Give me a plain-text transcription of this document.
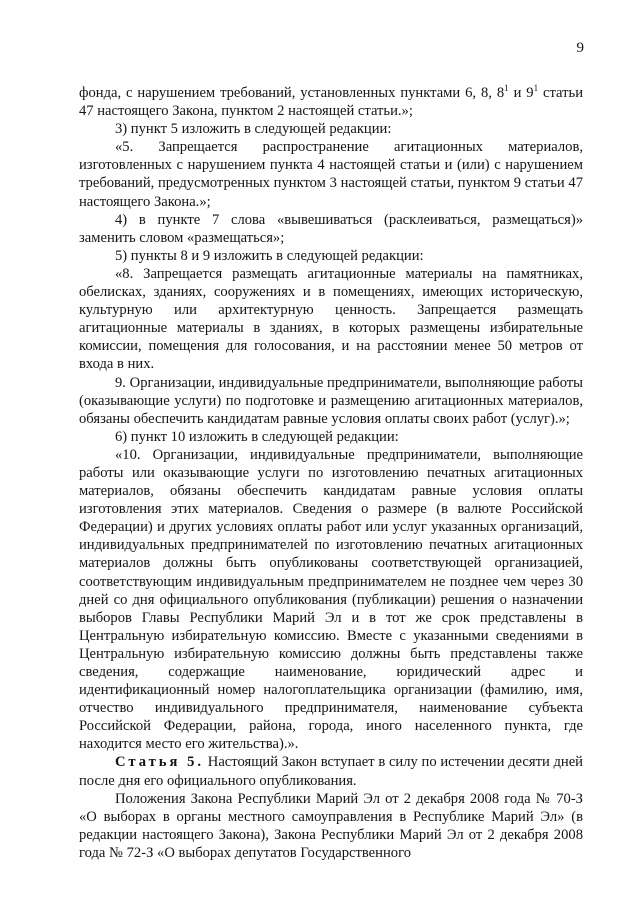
9

фонда, с нарушением требований, установленных пунктами 6, 8, $8^1$ и $9^1$ статьи 47 настоящего Закона, пунктом 2 настоящей статьи.»;

3) пункт 5 изложить в следующей редакции:

«5. Запрещается распространение агитационных материалов, изготовленных с нарушением пункта 4 настоящей статьи и (или) с нарушением требований, предусмотренных пунктом 3 настоящей статьи, пунктом 9 статьи 47 настоящего Закона.»;

4) в пункте 7 слова «вывешиваться (расклеиваться, размещаться)» заменить словом «размещаться»;

5) пункты 8 и 9 изложить в следующей редакции:

«8. Запрещается размещать агитационные материалы на памятниках, обелисках, зданиях, сооружениях и в помещениях, имеющих историческую, культурную или архитектурную ценность. Запрещается размещать агитационные материалы в зданиях, в которых размещены избирательные комиссии, помещения для голосования, и на расстоянии менее 50 метров от входа в них.

9. Организации, индивидуальные предприниматели, выполняющие работы (оказывающие услуги) по подготовке и размещению агитационных материалов, обязаны обеспечить кандидатам равные условия оплаты своих работ (услуг).»;

6) пункт 10 изложить в следующей редакции:

«10. Организации, индивидуальные предприниматели, выполняющие работы или оказывающие услуги по изготовлению печатных агитационных материалов, обязаны обеспечить кандидатам равные условия оплаты изготовления этих материалов. Сведения о размере (в валюте Российской Федерации) и других условиях оплаты работ или услуг указанных организаций, индивидуальных предпринимателей по изготовлению печатных агитационных материалов должны быть опубликованы соответствующей организацией, соответствующим индивидуальным предпринимателем не позднее чем через 30 дней со дня официального опубликования (публикации) решения о назначении выборов Главы Республики Марий Эл и в тот же срок представлены в Центральную избирательную комиссию. Вместе с указанными сведениями в Центральную избирательную комиссию должны быть представлены также сведения, содержащие наименование, юридический адрес и идентификационный номер налогоплательщика организации (фамилию, имя, отчество индивидуального предпринимателя, наименование субъекта Российской Федерации, района, города, иного населенного пункта, где находится место его жительства).».

Статья 5. Настоящий Закон вступает в силу по истечении десяти дней после дня его официального опубликования.

Положения Закона Республики Марий Эл от 2 декабря 2008 года № 70-З «О выборах в органы местного самоуправления в Республике Марий Эл» (в редакции настоящего Закона), Закона Республики Марий Эл от 2 декабря 2008 года № 72-З «О выборах депутатов Государственного
